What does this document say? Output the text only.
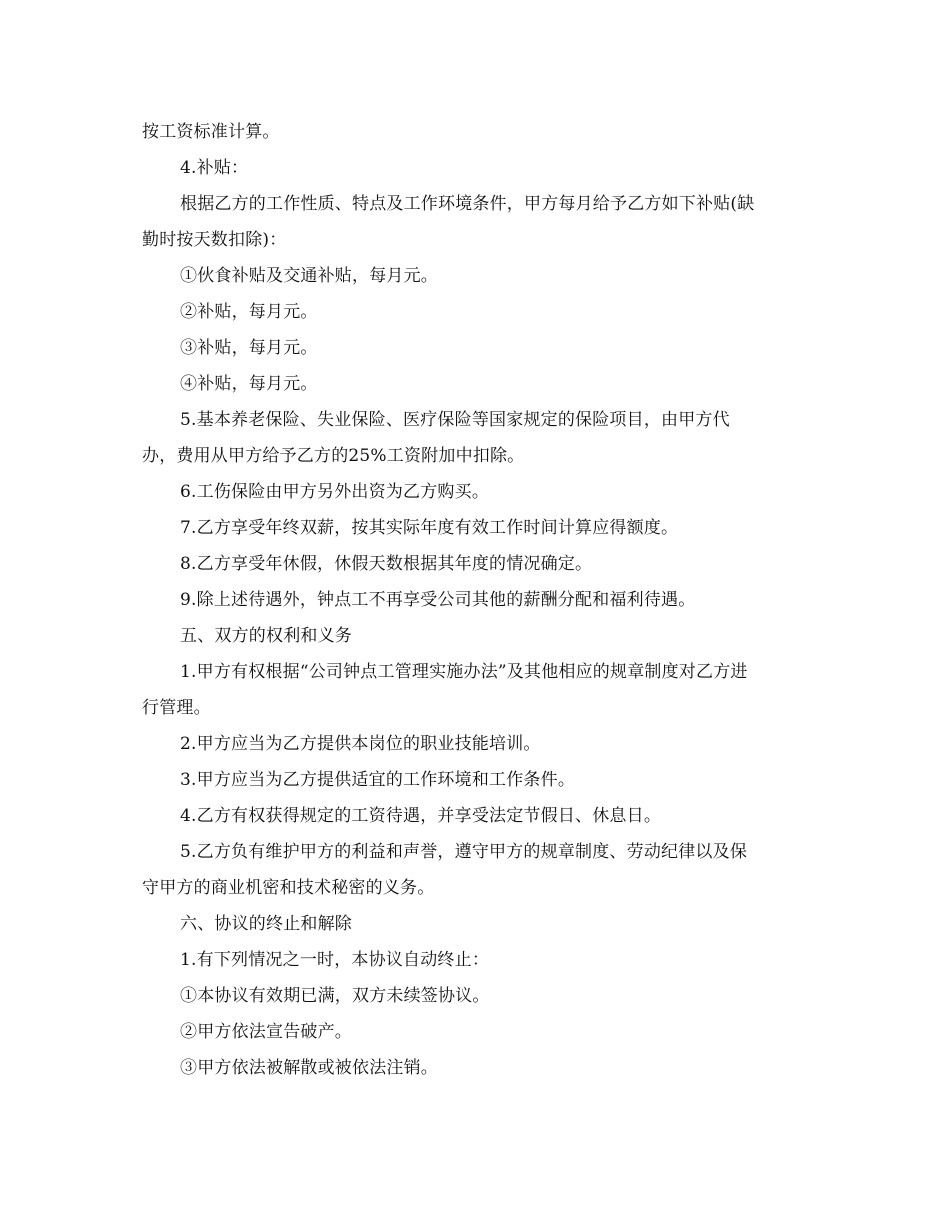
按工资标准计算。
4.补贴：
根据乙方的工作性质、特点及工作环境条件，甲方每月给予乙方如下补贴(缺
勤时按天数扣除)：
①伙食补贴及交通补贴，每月元。
②补贴，每月元。
③补贴，每月元。
④补贴，每月元。
5.基本养老保险、失业保险、医疗保险等国家规定的保险项目，由甲方代
办，费用从甲方给予乙方的25%工资附加中扣除。
6.工伤保险由甲方另外出资为乙方购买。
7.乙方享受年终双薪，按其实际年度有效工作时间计算应得额度。
8.乙方享受年休假，休假天数根据其年度的情况确定。
9.除上述待遇外，钟点工不再享受公司其他的薪酬分配和福利待遇。
五、双方的权利和义务
1.甲方有权根据“公司钟点工管理实施办法”及其他相应的规章制度对乙方进
行管理。
2.甲方应当为乙方提供本岗位的职业技能培训。
3.甲方应当为乙方提供适宜的工作环境和工作条件。
4.乙方有权获得规定的工资待遇，并享受法定节假日、休息日。
5.乙方负有维护甲方的利益和声誉，遵守甲方的规章制度、劳动纪律以及保
守甲方的商业机密和技术秘密的义务。
六、协议的终止和解除
1.有下列情况之一时，本协议自动终止：
①本协议有效期已满，双方未续签协议。
②甲方依法宣告破产。
③甲方依法被解散或被依法注销。
